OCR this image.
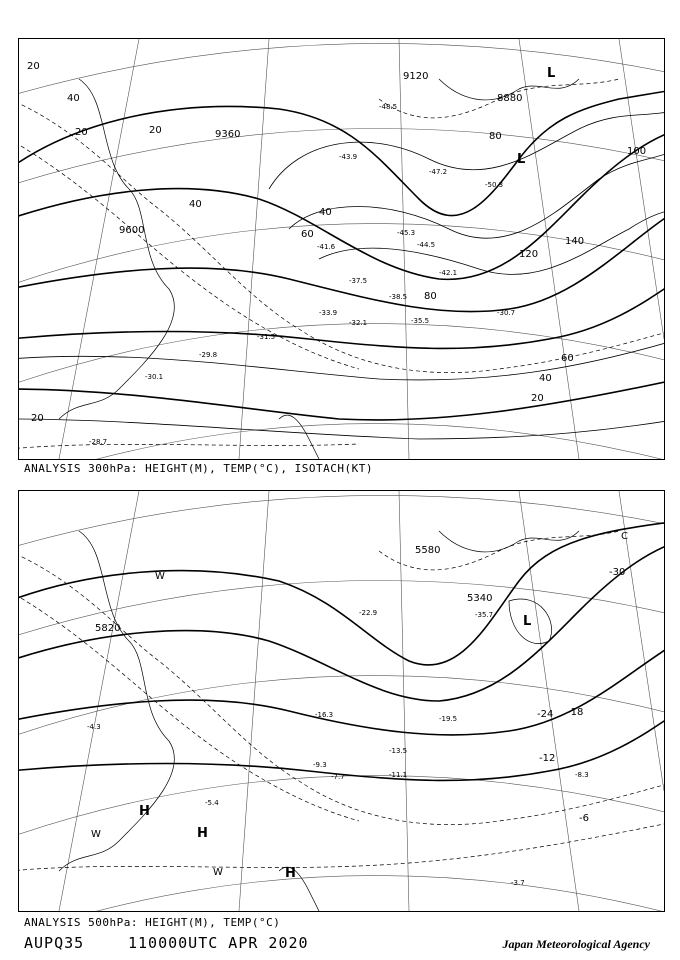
9120
8880
9360
9600
20
40
60
80
100
120
140
80
60
40
20
40
20
40
20
20
-45.3
-47.2
-43.9
-48.5
-41.6
-38.5
-37.5
-35.5
-33.9
-32.1
-31.5
-29.8
-30.1
-28.7
-30.7
-42.1
-50.3
-44.5
L
L
ANALYSIS 300hPa: HEIGHT(M), TEMP(°C), ISOTACH(KT)
5580
5820
5340
-30
-24 -18
-12
-6
-22.9
-19.5
-13.5
-11.1
-9.3
-8.3
-7.7
-3.7
-5.4
-4.3
-16.3
-35.7
H
H
H
L
C
W
W
W
ANALYSIS 500hPa: HEIGHT(M), TEMP(°C)
AUPQ35	110000UTC APR 2020	Japan Meteorological Agency
